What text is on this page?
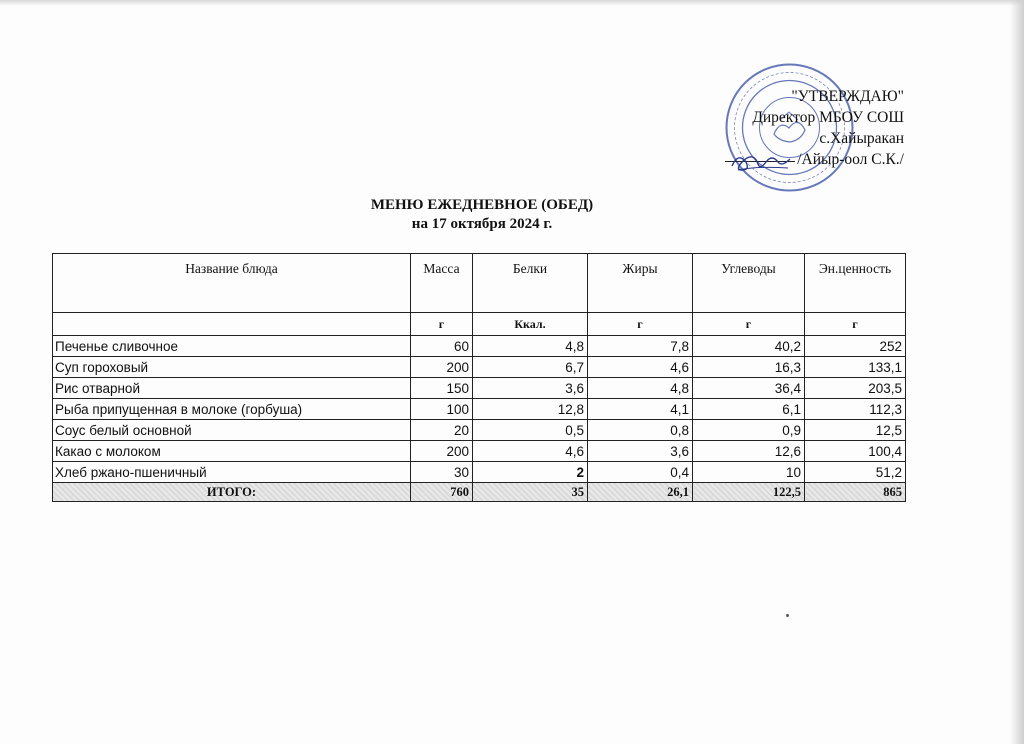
"УТВЕРЖДАЮ"
Директор МБОУ СОШ
с.Хайыракан
/Айыр-оол С.К./
МЕНЮ ЕЖЕДНЕВНОЕ (ОБЕД)
на 17 октября 2024 г.
Название блюда	Масса	Белки	Жиры	Углеводы	Эн.ценность
	г	Ккал.	г	г	г
Печенье сливочное	60	4,8	7,8	40,2	252
Суп гороховый	200	6,7	4,6	16,3	133,1
Рис отварной	150	3,6	4,8	36,4	203,5
Рыба припущенная в молоке (горбуша)	100	12,8	4,1	6,1	112,3
Соус белый основной	20	0,5	0,8	0,9	12,5
Какао с молоком	200	4,6	3,6	12,6	100,4
Хлеб ржано-пшеничный	30	2	0,4	10	51,2
ИТОГО:	760	35	26,1	122,5	865
